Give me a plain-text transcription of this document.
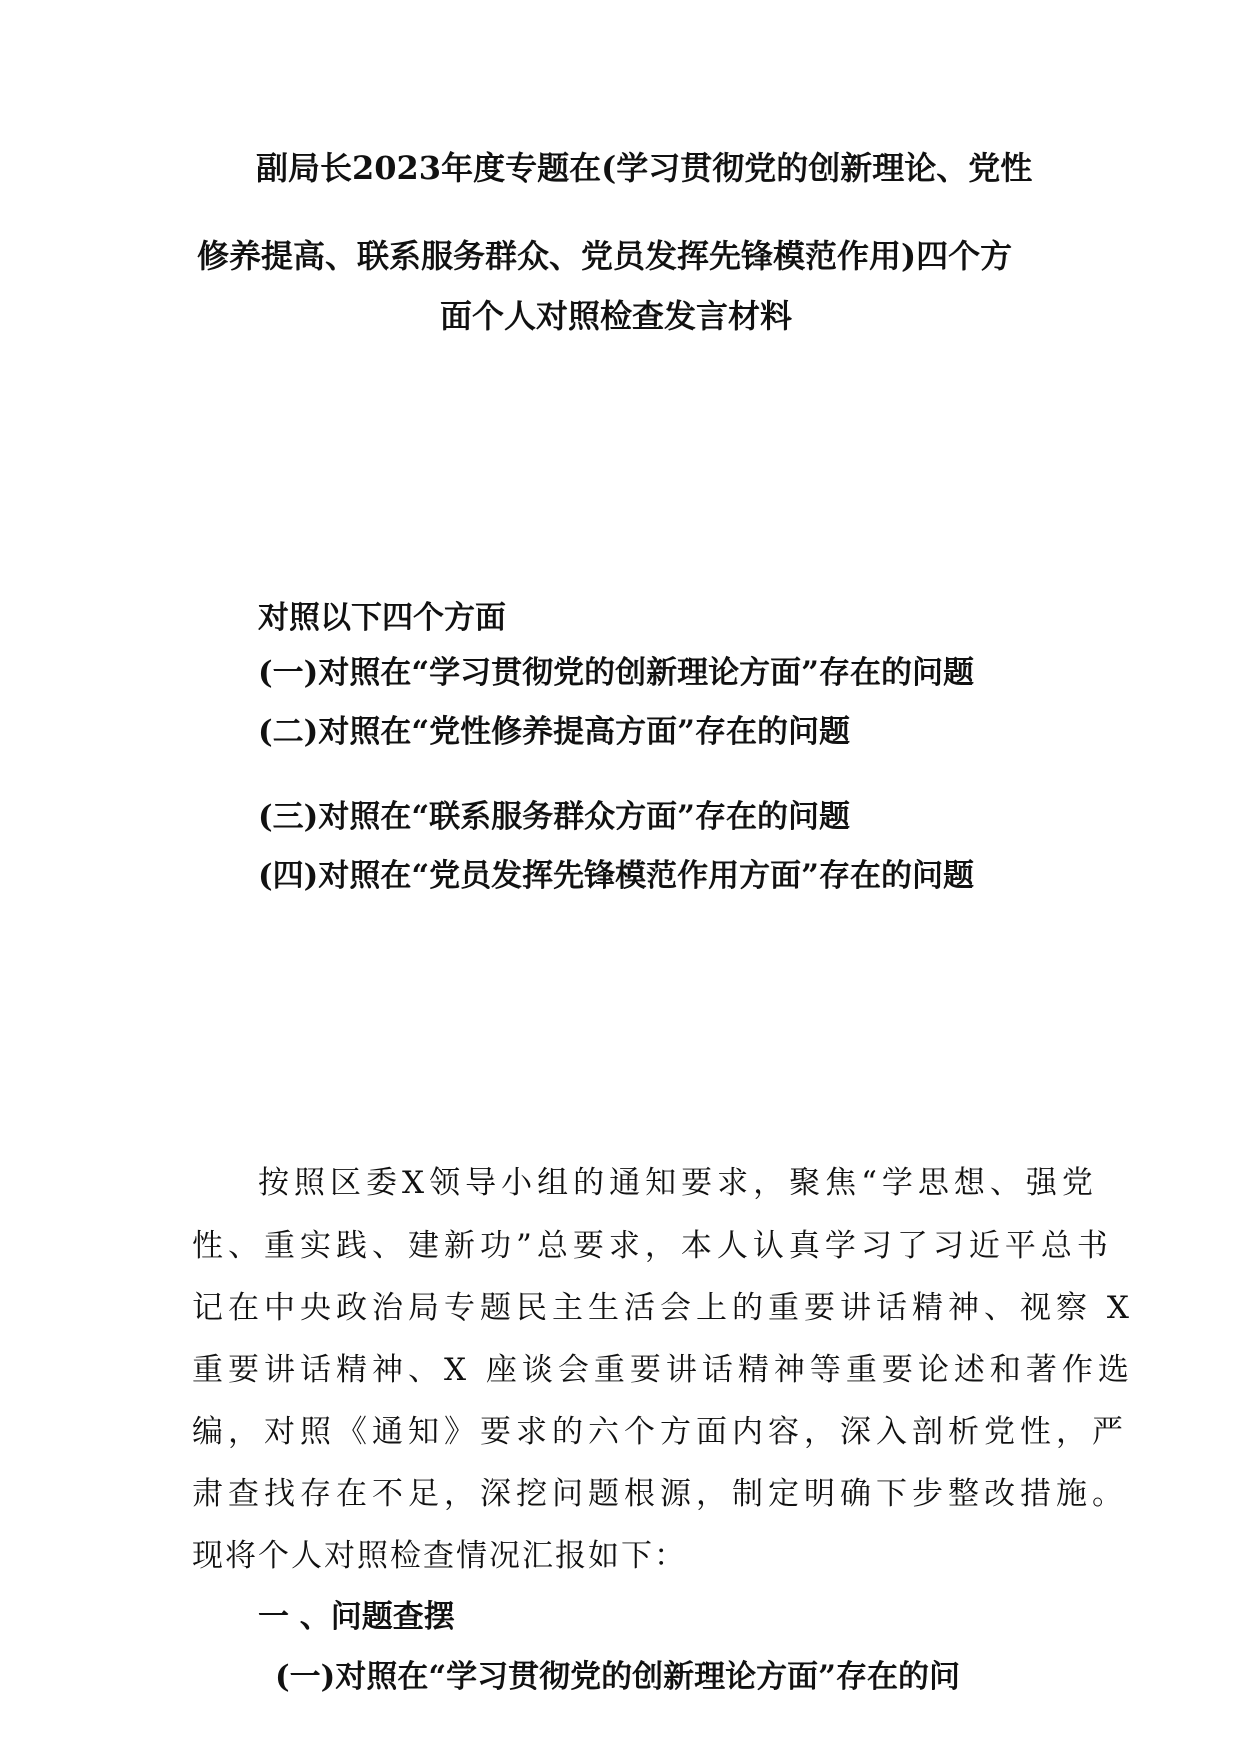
副局长2023年度专题在(学习贯彻党的创新理论、党性
修养提高、联系服务群众、党员发挥先锋模范作用)四个方
面个人对照检查发言材料
对照以下四个方面
(一)对照在“学习贯彻党的创新理论方面”存在的问题
(二)对照在“党性修养提高方面”存在的问题
(三)对照在“联系服务群众方面”存在的问题
(四)对照在“党员发挥先锋模范作用方面”存在的问题
按照区委X领导小组的通知要求，聚焦“学思想、强党
性、重实践、建新功”总要求，本人认真学习了习近平总书
记在中央政治局专题民主生活会上的重要讲话精神、视察 X
重要讲话精神、X 座谈会重要讲话精神等重要论述和著作选
编，对照《通知》要求的六个方面内容，深入剖析党性，严
肃查找存在不足，深挖问题根源，制定明确下步整改措施。
现将个人对照检查情况汇报如下：
一 、问题查摆
(一)对照在“学习贯彻党的创新理论方面”存在的问
